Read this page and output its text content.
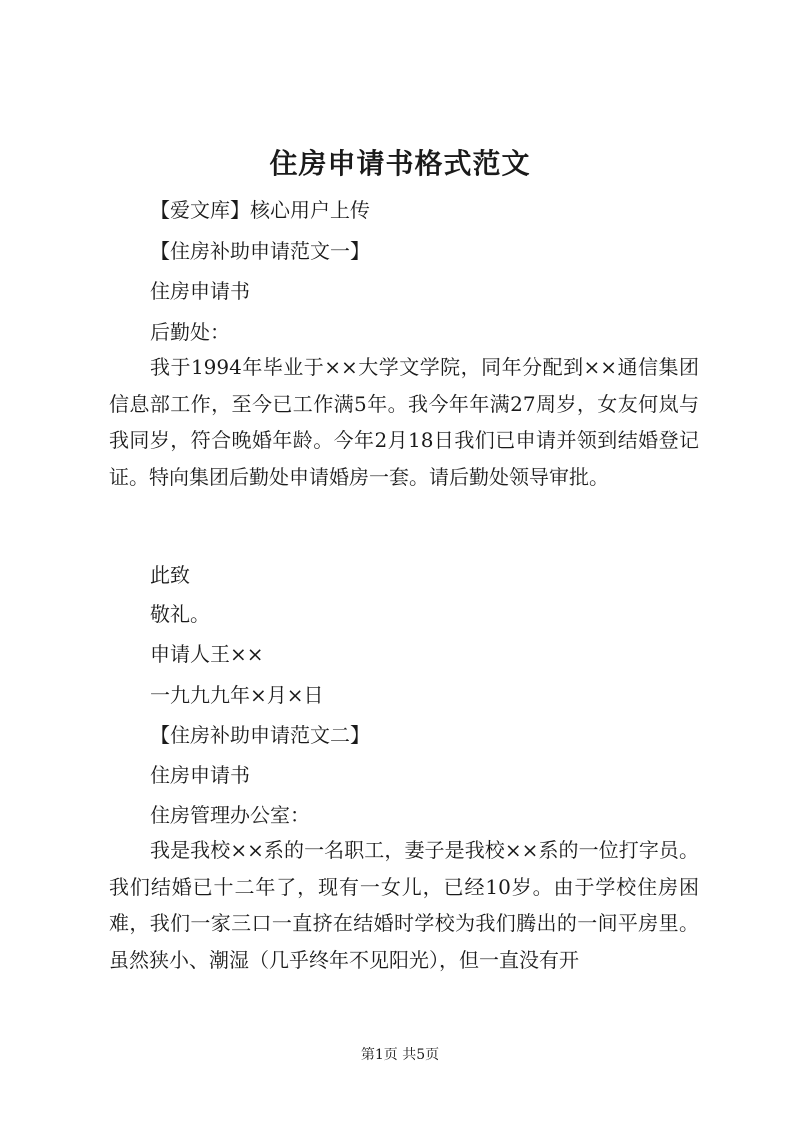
住房申请书格式范文
【爱文库】核心用户上传
【住房补助申请范文一】
住房申请书
后勤处：
我于1994年毕业于××大学文学院，同年分配到××通信集团信息部工作，至今已工作满5年。我今年年满27周岁，女友何岚与我同岁，符合晚婚年龄。今年2月18日我们已申请并领到结婚登记证。特向集团后勤处申请婚房一套。请后勤处领导审批。
此致
敬礼。
申请人王××
一九九九年×月×日
【住房补助申请范文二】
住房申请书
住房管理办公室：
我是我校××系的一名职工，妻子是我校××系的一位打字员。我们结婚已十二年了，现有一女儿，已经10岁。由于学校住房困难，我们一家三口一直挤在结婚时学校为我们腾出的一间平房里。虽然狭小、潮湿（几乎终年不见阳光），但一直没有开
第1页 共5页
